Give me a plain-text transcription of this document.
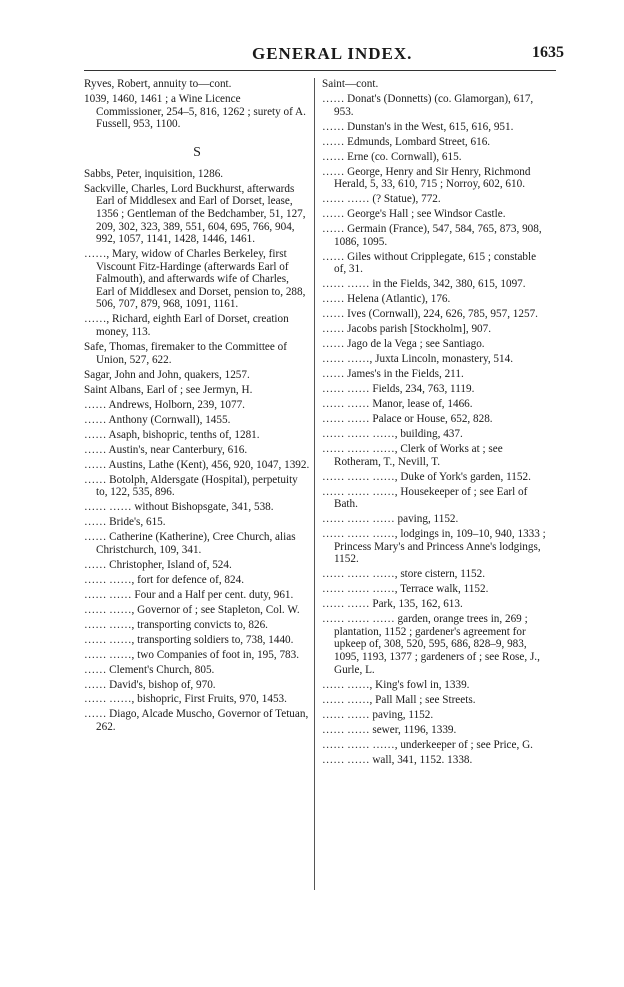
GENERAL INDEX.	1635
Ryves, Robert, annuity to—cont.
1039, 1460, 1461 ; a Wine Licence Commissioner, 254–5, 816, 1262 ; surety of A. Fussell, 953, 1100.
S
Sabbs, Peter, inquisition, 1286.
Sackville, Charles, Lord Buckhurst, afterwards Earl of Middlesex and Earl of Dorset, lease, 1356 ; Gentleman of the Bedchamber, 51, 127, 209, 302, 323, 389, 551, 604, 695, 766, 904, 992, 1057, 1141, 1428, 1446, 1461.
……, Mary, widow of Charles Berkeley, first Viscount Fitz-Hardinge (afterwards Earl of Falmouth), and afterwards wife of Charles, Earl of Middlesex and Dorset, pension to, 288, 506, 707, 879, 968, 1091, 1161.
……, Richard, eighth Earl of Dorset, creation money, 113.
Safe, Thomas, firemaker to the Committee of Union, 527, 622.
Sagar, John and John, quakers, 1257.
Saint Albans, Earl of ; see Jermyn, H.
…… Andrews, Holborn, 239, 1077.
…… Anthony (Cornwall), 1455.
…… Asaph, bishopric, tenths of, 1281.
…… Austin's, near Canterbury, 616.
…… Austins, Lathe (Kent), 456, 920, 1047, 1392.
…… Botolph, Aldersgate (Hospital), perpetuity to, 122, 535, 896.
…… …… without Bishopsgate, 341, 538.
…… Bride's, 615.
…… Catherine (Katherine), Cree Church, alias Christchurch, 109, 341.
…… Christopher, Island of, 524.
…… ……, fort for defence of, 824.
…… …… Four and a Half per cent. duty, 961.
…… ……, Governor of ; see Stapleton, Col. W.
…… ……, transporting convicts to, 826.
…… ……, transporting soldiers to, 738, 1440.
…… ……, two Companies of foot in, 195, 783.
…… Clement's Church, 805.
…… David's, bishop of, 970.
…… ……, bishopric, First Fruits, 970, 1453.
…… Diago, Alcade Muscho, Governor of Tetuan, 262.
Saint—cont.
…… Donat's (Donnetts) (co. Glamorgan), 617, 953.
…… Dunstan's in the West, 615, 616, 951.
…… Edmunds, Lombard Street, 616.
…… Erne (co. Cornwall), 615.
…… George, Henry and Sir Henry, Richmond Herald, 5, 33, 610, 715 ; Norroy, 602, 610.
…… …… (? Statue), 772.
…… George's Hall ; see Windsor Castle.
…… Germain (France), 547, 584, 765, 873, 908, 1086, 1095.
…… Giles without Cripplegate, 615 ; constable of, 31.
…… …… in the Fields, 342, 380, 615, 1097.
…… Helena (Atlantic), 176.
…… Ives (Cornwall), 224, 626, 785, 957, 1257.
…… Jacobs parish [Stockholm], 907.
…… Jago de la Vega ; see Santiago.
…… ……, Juxta Lincoln, monastery, 514.
…… James's in the Fields, 211.
…… …… Fields, 234, 763, 1119.
…… …… Manor, lease of, 1466.
…… …… Palace or House, 652, 828.
…… …… ……, building, 437.
…… …… ……, Clerk of Works at ; see Rotheram, T., Nevill, T.
…… …… ……, Duke of York's garden, 1152.
…… …… ……, Housekeeper of ; see Earl of Bath.
…… …… …… paving, 1152.
…… …… ……, lodgings in, 109–10, 940, 1333 ; Princess Mary's and Princess Anne's lodgings, 1152.
…… …… ……, store cistern, 1152.
…… …… ……, Terrace walk, 1152.
…… …… Park, 135, 162, 613.
…… …… …… garden, orange trees in, 269 ; plantation, 1152 ; gardener's agreement for upkeep of, 308, 520, 595, 686, 828–9, 983, 1095, 1193, 1377 ; gardeners of ; see Rose, J., Gurle, L.
…… ……, King's fowl in, 1339.
…… ……, Pall Mall ; see Streets.
…… …… paving, 1152.
…… …… sewer, 1196, 1339.
…… …… ……, underkeeper of ; see Price, G.
…… …… wall, 341, 1152. 1338.
